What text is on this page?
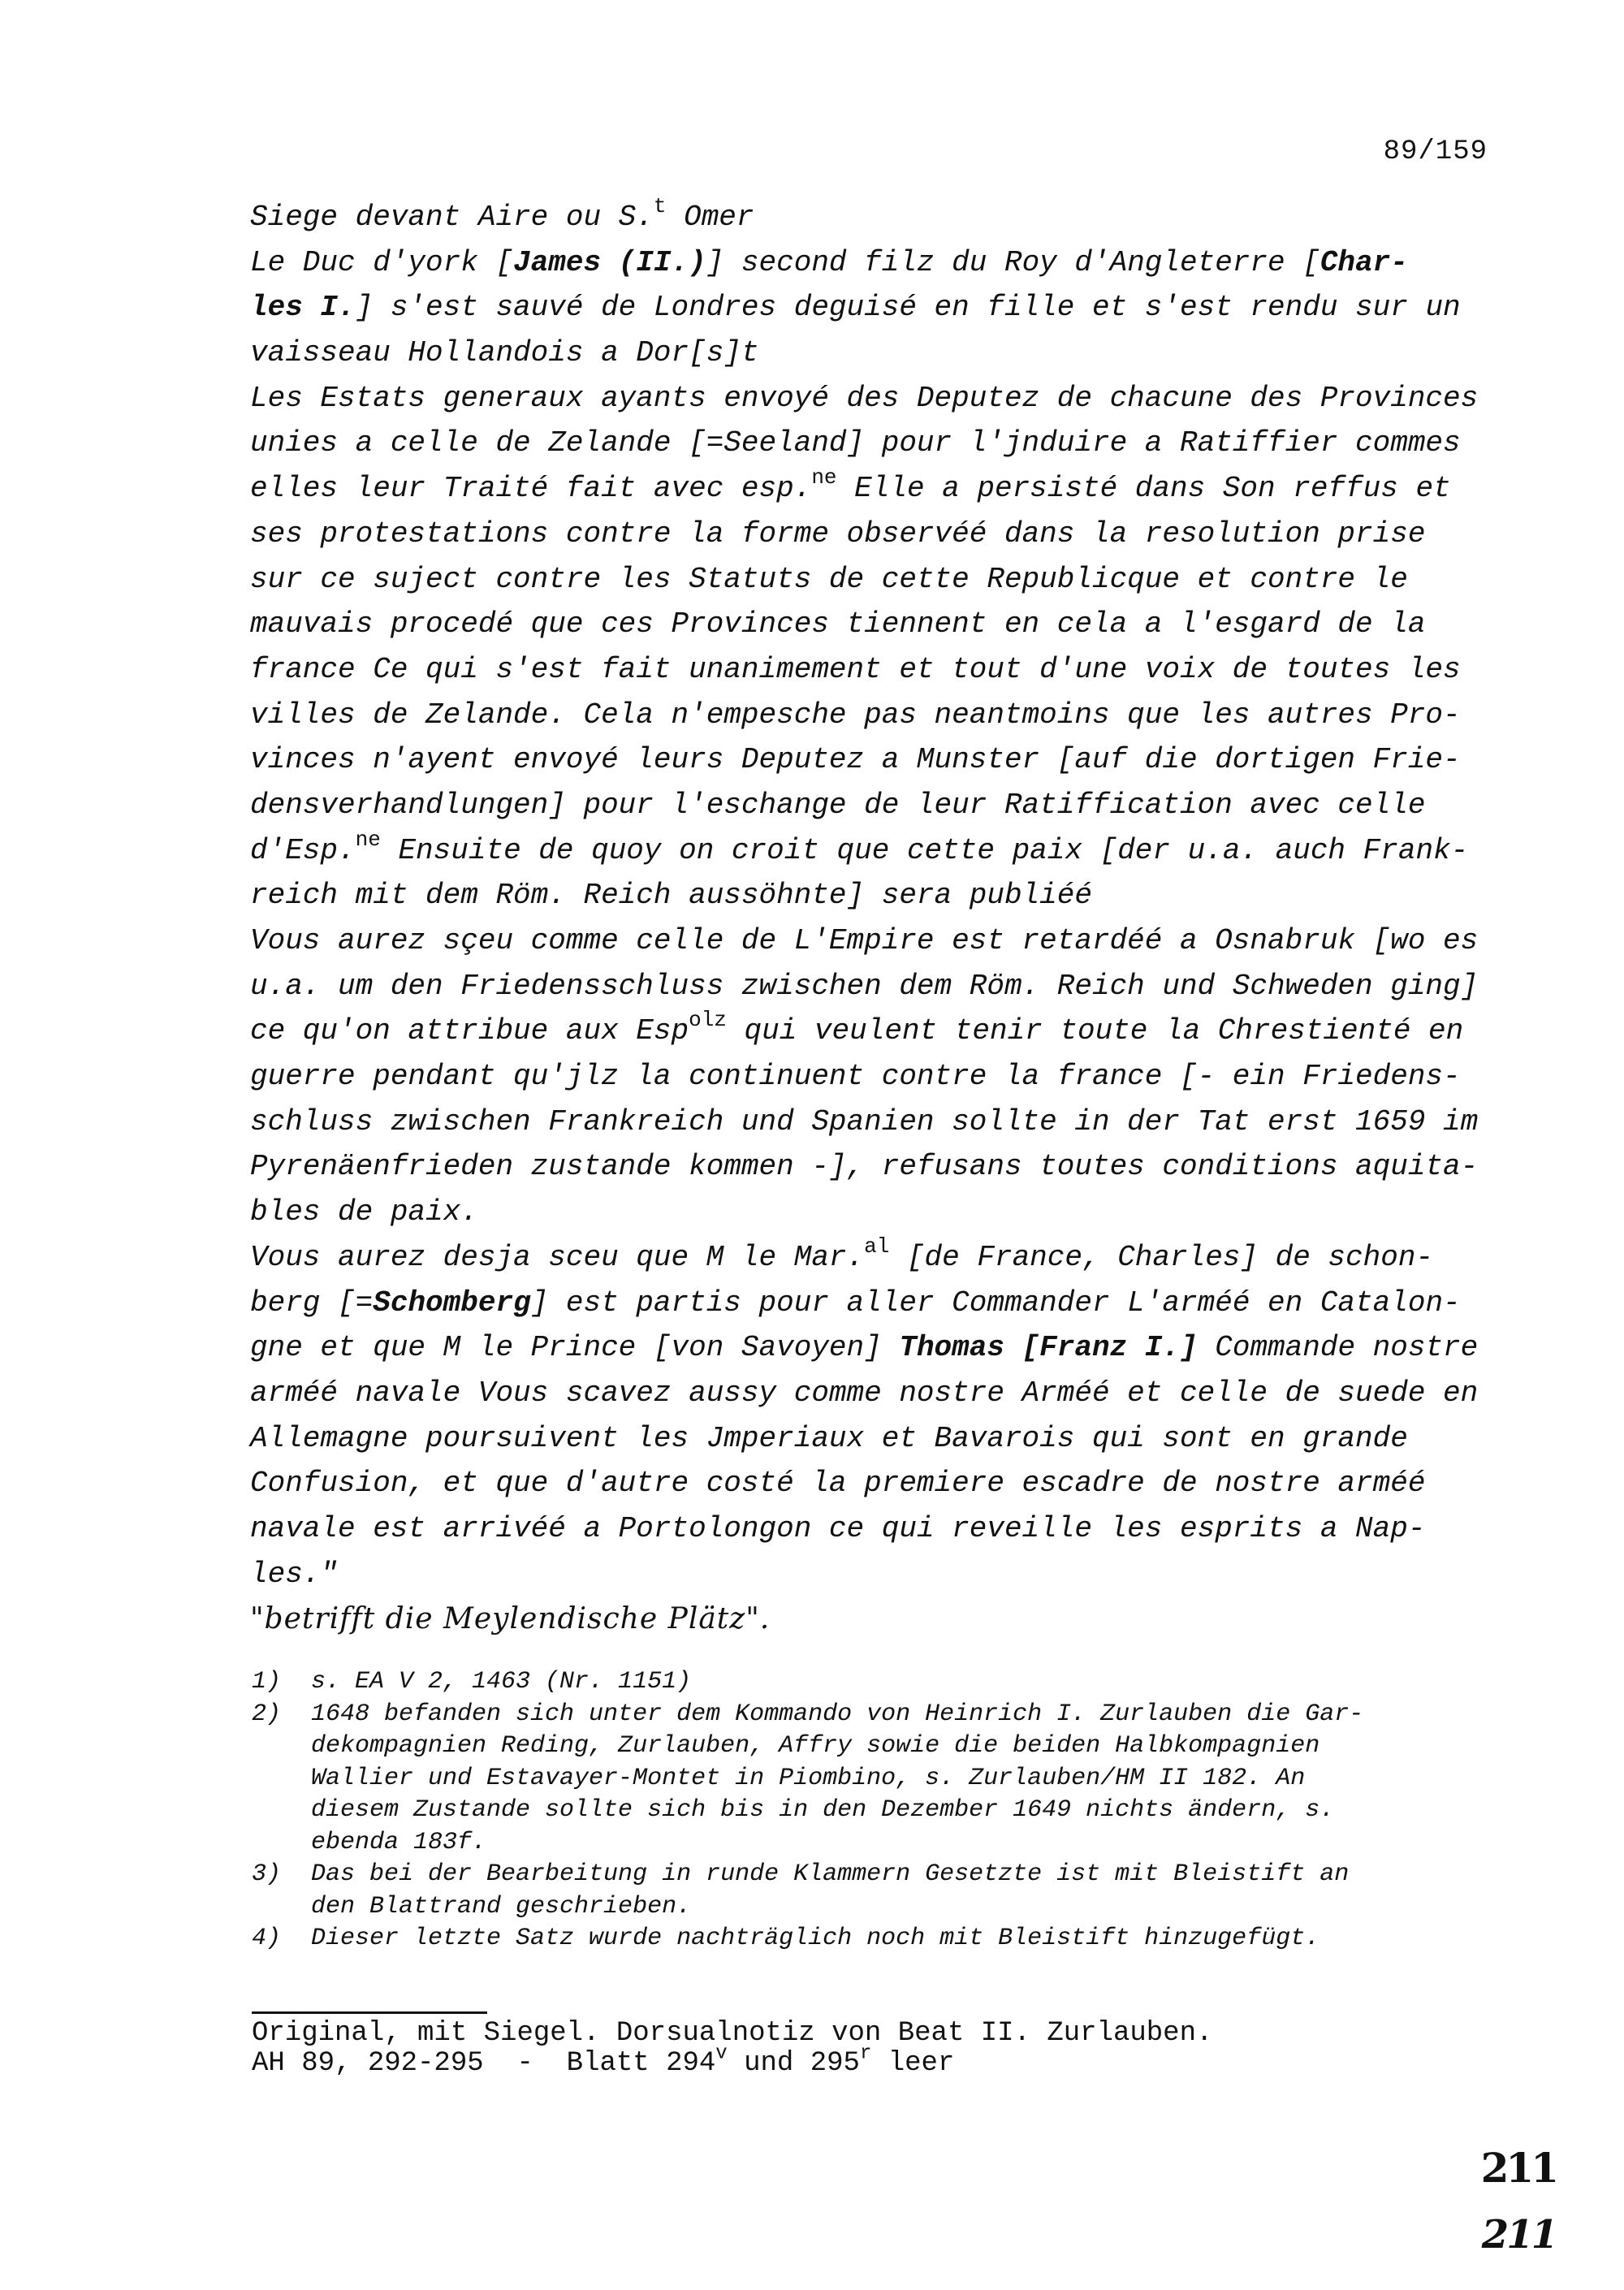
89/159
Siege devant Aire ou S.$^t$ Omer
Le Duc d'york [James (II.)] second filz du Roy d'Angleterre [Char-
les I.] s'est sauvé de Londres deguisé en fille et s'est rendu sur un
vaisseau Hollandois a Dor[s]t
Les Estats generaux ayants envoyé des Deputez de chacune des Provinces
unies a celle de Zelande [=Seeland] pour l'jnduire a Ratiffier commes
elles leur Traité fait avec esp.$^{ne}$ Elle a persisté dans Son reffus et
ses protestations contre la forme observéé dans la resolution prise
sur ce suject contre les Statuts de cette Republicque et contre le
mauvais procedé que ces Provinces tiennent en cela a l'esgard de la
france Ce qui s'est fait unanimement et tout d'une voix de toutes les
villes de Zelande. Cela n'empesche pas neantmoins que les autres Pro-
vinces n'ayent envoyé leurs Deputez a Munster [auf die dortigen Frie-
densverhandlungen] pour l'eschange de leur Ratiffication avec celle
d'Esp.$^{ne}$ Ensuite de quoy on croit que cette paix [der u.a. auch Frank-
reich mit dem Röm. Reich aussöhnte] sera publiéé
Vous aurez sçeu comme celle de L'Empire est retardéé a Osnabruk [wo es
u.a. um den Friedensschluss zwischen dem Röm. Reich und Schweden ging]
ce qu'on attribue aux Esp$^{olz}$ qui veulent tenir toute la Chrestienté en
guerre pendant qu'jlz la continuent contre la france [- ein Friedens-
schluss zwischen Frankreich und Spanien sollte in der Tat erst 1659 im
Pyrenäenfrieden zustande kommen -], refusans toutes conditions aquita-
bles de paix.
Vous aurez desja sceu que M le Mar.$^{al}$ [de France, Charles] de schon-
berg [=Schomberg] est partis pour aller Commander L'arméé en Catalon-
gne et que M le Prince [von Savoyen] Thomas [Franz I.] Commande nostre
arméé navale Vous scavez aussy comme nostre Arméé et celle de suede en
Allemagne poursuivent les Jmperiaux et Bavarois qui sont en grande
Confusion, et que d'autre costé la premiere escadre de nostre arméé
navale est arrivéé a Portolongon ce qui reveille les esprits a Nap-
les."
"betrifft die Meylendische Plätz".
1) s. EA V 2, 1463 (Nr. 1151)
2) 1648 befanden sich unter dem Kommando von Heinrich I. Zurlauben die Gar-
dekompagnien Reding, Zurlauben, Affry sowie die beiden Halbkompagnien
Wallier und Estavayer-Montet in Piombino, s. Zurlauben/HM II 182. An
diesem Zustande sollte sich bis in den Dezember 1649 nichts ändern, s.
ebenda 183f.
3) Das bei der Bearbeitung in runde Klammern Gesetzte ist mit Bleistift an
den Blattrand geschrieben.
4) Dieser letzte Satz wurde nachträglich noch mit Bleistift hinzugefügt.
Original, mit Siegel. Dorsualnotiz von Beat II. Zurlauben.
AH 89, 292-295  -  Blatt 294$^v$ und 295$^r$ leer
211
211
